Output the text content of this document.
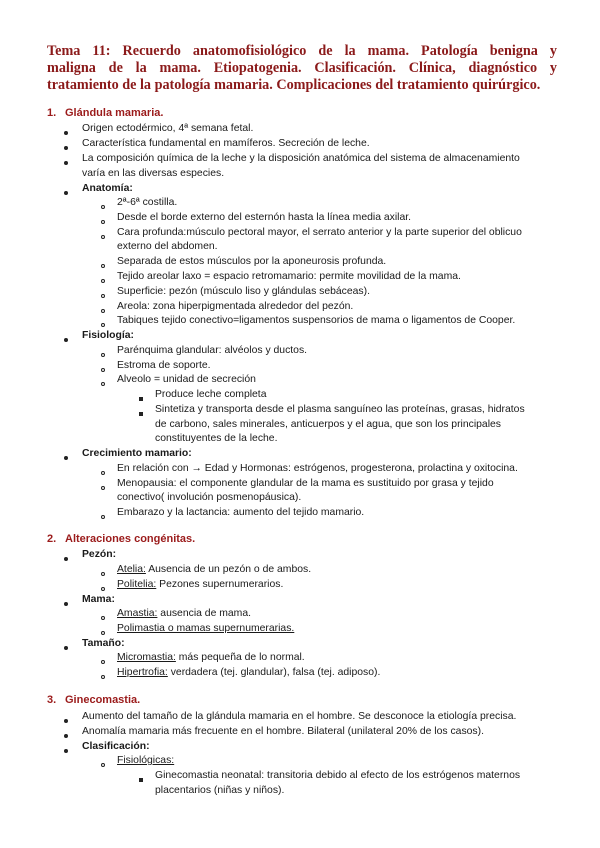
Tema 11: Recuerdo anatomofisiológico de la mama. Patología benigna y
maligna de la mama. Etiopatogenia. Clasificación. Clínica, diagnóstico y
tratamiento de la patología mamaria. Complicaciones del tratamiento quirúrgico.
1. Glándula mamaria.
Origen ectodérmico, 4ª semana fetal.
Característica fundamental en mamíferos. Secreción de leche.
La composición química de la leche y la disposición anatómica del sistema de almacenamiento
varía en las diversas especies.
Anatomía:
2ª-6ª costilla.
Desde el borde externo del esternón hasta la línea media axilar.
Cara profunda:músculo pectoral mayor, el serrato anterior y la parte superior del oblicuo
externo del abdomen.
Separada de estos músculos por la aponeurosis profunda.
Tejido areolar laxo = espacio retromamario: permite movilidad de la mama.
Superficie: pezón (músculo liso y glándulas sebáceas).
Areola: zona hiperpigmentada alrededor del pezón.
Tabiques tejido conectivo=ligamentos suspensorios de mama o ligamentos de Cooper.
Fisiología:
Parénquima glandular: alvéolos y ductos.
Estroma de soporte.
Alveolo = unidad de secreción
Produce leche completa
Sintetiza y transporta desde el plasma sanguíneo las proteínas, grasas, hidratos
de carbono, sales minerales, anticuerpos y el agua, que son los principales
constituyentes de la leche.
Crecimiento mamario:
En relación con → Edad y Hormonas: estrógenos, progesterona, prolactina y oxitocina.
Menopausia: el componente glandular de la mama es sustituido por grasa y tejido
conectivo( involución posmenopáusica).
Embarazo y la lactancia: aumento del tejido mamario.
2. Alteraciones congénitas.
Pezón:
Atelia: Ausencia de un pezón o de ambos.
Politelia: Pezones supernumerarios.
Mama:
Amastia: ausencia de mama.
Polimastia o mamas supernumerarias.
Tamaño:
Micromastia: más pequeña de lo normal.
Hipertrofia: verdadera (tej. glandular), falsa (tej. adiposo).
3. Ginecomastia.
Aumento del tamaño de la glándula mamaria en el hombre. Se desconoce la etiología precisa.
Anomalía mamaria más frecuente en el hombre. Bilateral (unilateral 20% de los casos).
Clasificación:
Fisiológicas:
Ginecomastia neonatal: transitoria debido al efecto de los estrógenos maternos
placentarios (niñas y niños).
